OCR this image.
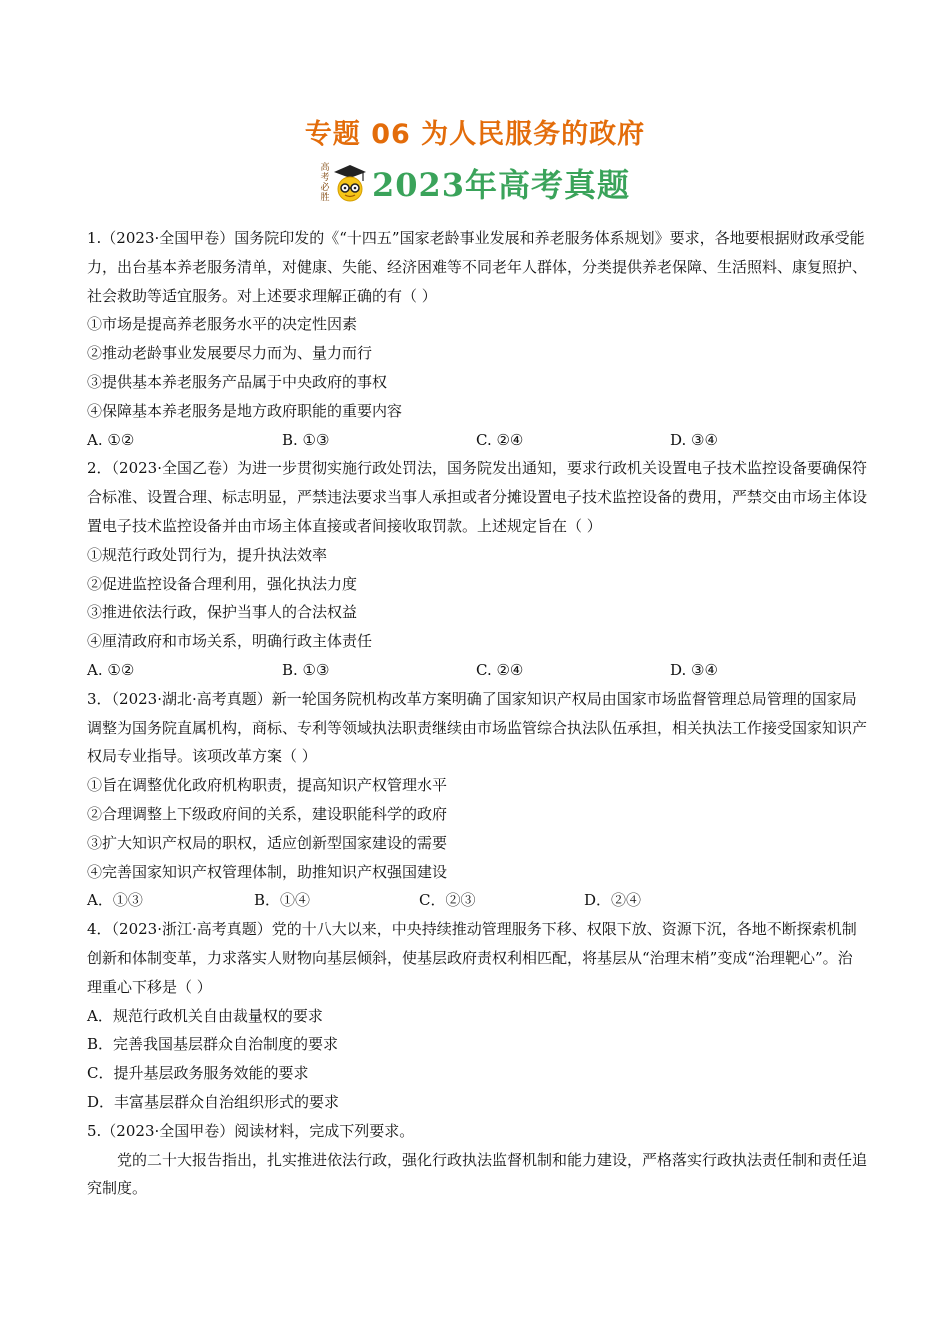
专题 06 为人民服务的政府
高考必胜 2023年高考真题

1.（2023·全国甲卷）国务院印发的《“十四五”国家老龄事业发展和养老服务体系规划》要求，各地要根据财政承受能力，出台基本养老服务清单，对健康、失能、经济困难等不同老年人群体，分类提供养老保障、生活照料、康复照护、社会救助等适宜服务。对上述要求理解正确的有（ ）

①市场是提高养老服务水平的决定性因素

②推动老龄事业发展要尽力而为、量力而行

③提供基本养老服务产品属于中央政府的事权

④保障基本养老服务是地方政府职能的重要内容

A. ①②	B. ①③	C. ②④	D. ③④

2．（2023·全国乙卷）为进一步贯彻实施行政处罚法，国务院发出通知，要求行政机关设置电子技术监控设备要确保符合标准、设置合理、标志明显，严禁违法要求当事人承担或者分摊设置电子技术监控设备的费用，严禁交由市场主体设置电子技术监控设备并由市场主体直接或者间接收取罚款。上述规定旨在（ ）

①规范行政处罚行为，提升执法效率

②促进监控设备合理利用，强化执法力度

③推进依法行政，保护当事人的合法权益

④厘清政府和市场关系，明确行政主体责任

A. ①②	B. ①③	C. ②④	D. ③④

3．（2023·湖北·高考真题）新一轮国务院机构改革方案明确了国家知识产权局由国家市场监督管理总局管理的国家局调整为国务院直属机构，商标、专利等领域执法职责继续由市场监管综合执法队伍承担，相关执法工作接受国家知识产权局专业指导。该项改革方案（ ）

①旨在调整优化政府机构职责，提高知识产权管理水平

②合理调整上下级政府间的关系，建设职能科学的政府

③扩大知识产权局的职权，适应创新型国家建设的需要

④完善国家知识产权管理体制，助推知识产权强国建设

A．①③	B．①④	C．②③	D．②④

4．（2023·浙江·高考真题）党的十八大以来，中央持续推动管理服务下移、权限下放、资源下沉，各地不断探索机制创新和体制变革，力求落实人财物向基层倾斜，使基层政府责权利相匹配，将基层从“治理末梢”变成“治理靶心”。治理重心下移是（ ）

A．规范行政机关自由裁量权的要求

B．完善我国基层群众自治制度的要求

C．提升基层政务服务效能的要求

D．丰富基层群众自治组织形式的要求

5.（2023·全国甲卷）阅读材料，完成下列要求。

党的二十大报告指出，扎实推进依法行政，强化行政执法监督机制和能力建设，严格落实行政执法责任制和责任追究制度。
